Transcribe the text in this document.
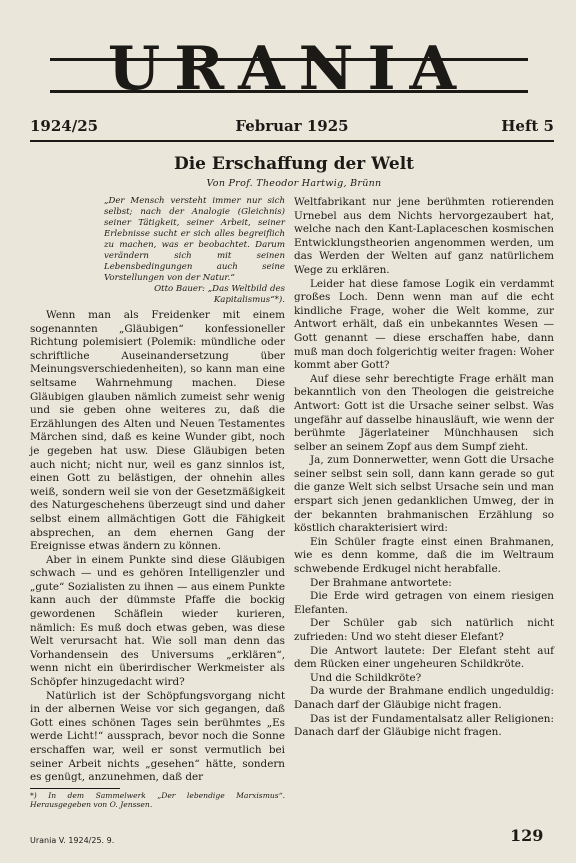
URANIA
1924/25	Februar 1925	Heft 5
Die Erschaffung der Welt
Von Prof. Theodor Hartwig, Brünn
„Der Mensch versteht immer nur sich selbst; nach der Analogie (Gleichnis) seiner Tätigkeit, seiner Arbeit, seiner Erlebnisse sucht er sich alles begreiflich zu machen, was er beobachtet. Darum verändern sich mit seinen Lebensbedingungen auch seine Vorstellungen von der Natur.“
Otto Bauer: „Das Weltbild des Kapitalismus“*).

Wenn man als Freidenker mit einem sogenannten „Gläubigen“ konfessioneller Richtung polemisiert (Polemik: mündliche oder schriftliche Auseinandersetzung über Meinungsverschiedenheiten), so kann man eine seltsame Wahrnehmung machen. Diese Gläubigen glauben nämlich zumeist sehr wenig und sie geben ohne weiteres zu, daß die Erzählungen des Alten und Neuen Testamentes Märchen sind, daß es keine Wunder gibt, noch je gegeben hat usw. Diese Gläubigen beten auch nicht; nicht nur, weil es ganz sinnlos ist, einen Gott zu belästigen, der ohnehin alles weiß, sondern weil sie von der Gesetzmäßigkeit des Naturgeschehens überzeugt sind und daher selbst einem allmächtigen Gott die Fähigkeit absprechen, an dem ehernen Gang der Ereignisse etwas ändern zu können.

Aber in einem Punkte sind diese Gläubigen schwach — und es gehören Intelligenzler und „gute“ Sozialisten zu ihnen — aus einem Punkte kann auch der dümmste Pfaffe die bockig gewordenen Schäflein wieder kurieren, nämlich: Es muß doch etwas geben, was diese Welt verursacht hat. Wie soll man denn das Vorhandensein des Universums „erklären“, wenn nicht ein überirdischer Werkmeister als Schöpfer hinzugedacht wird?

Natürlich ist der Schöpfungsvorgang nicht in der albernen Weise vor sich gegangen, daß Gott eines schönen Tages sein berühmtes „Es werde Licht!“ aussprach, bevor noch die Sonne erschaffen war, weil er sonst vermutlich bei seiner Arbeit nichts „gesehen“ hätte, sondern es genügt, anzunehmen, daß der

*) In dem Sammelwerk „Der lebendige Marxismus“. Herausgegeben von O. Jenssen.

Weltfabrikant nur jene berühmten rotierenden Urnebel aus dem Nichts hervorgezaubert hat, welche nach den Kant-Laplaceschen kosmischen Entwicklungstheorien angenommen werden, um das Werden der Welten auf ganz natürlichem Wege zu erklären.

Leider hat diese famose Logik ein verdammt großes Loch. Denn wenn man auf die echt kindliche Frage, woher die Welt komme, zur Antwort erhält, daß ein unbekanntes Wesen — Gott genannt — diese erschaffen habe, dann muß man doch folgerichtig weiter fragen: Woher kommt aber Gott?

Auf diese sehr berechtigte Frage erhält man bekanntlich von den Theologen die geistreiche Antwort: Gott ist die Ursache seiner selbst. Was ungefähr auf dasselbe hinausläuft, wie wenn der berühmte Jägerlateiner Münchhausen sich selber an seinem Zopf aus dem Sumpf zieht.

Ja, zum Donnerwetter, wenn Gott die Ursache seiner selbst sein soll, dann kann gerade so gut die ganze Welt sich selbst Ursache sein und man erspart sich jenen gedanklichen Umweg, der in der bekannten brahmanischen Erzählung so köstlich charakterisiert wird:

Ein Schüler fragte einst einen Brahmanen, wie es denn komme, daß die im Weltraum schwebende Erdkugel nicht herabfalle.

Der Brahmane antwortete:

Die Erde wird getragen von einem riesigen Elefanten.

Der Schüler gab sich natürlich nicht zufrieden: Und wo steht dieser Elefant?

Die Antwort lautete: Der Elefant steht auf dem Rücken einer ungeheuren Schildkröte.

Und die Schildkröte?

Da wurde der Brahmane endlich ungeduldig: Danach darf der Gläubige nicht fragen.

Das ist der Fundamentalsatz aller Religionen: Danach darf der Gläubige nicht fragen.

Urania V. 1924/25. 9.	129
